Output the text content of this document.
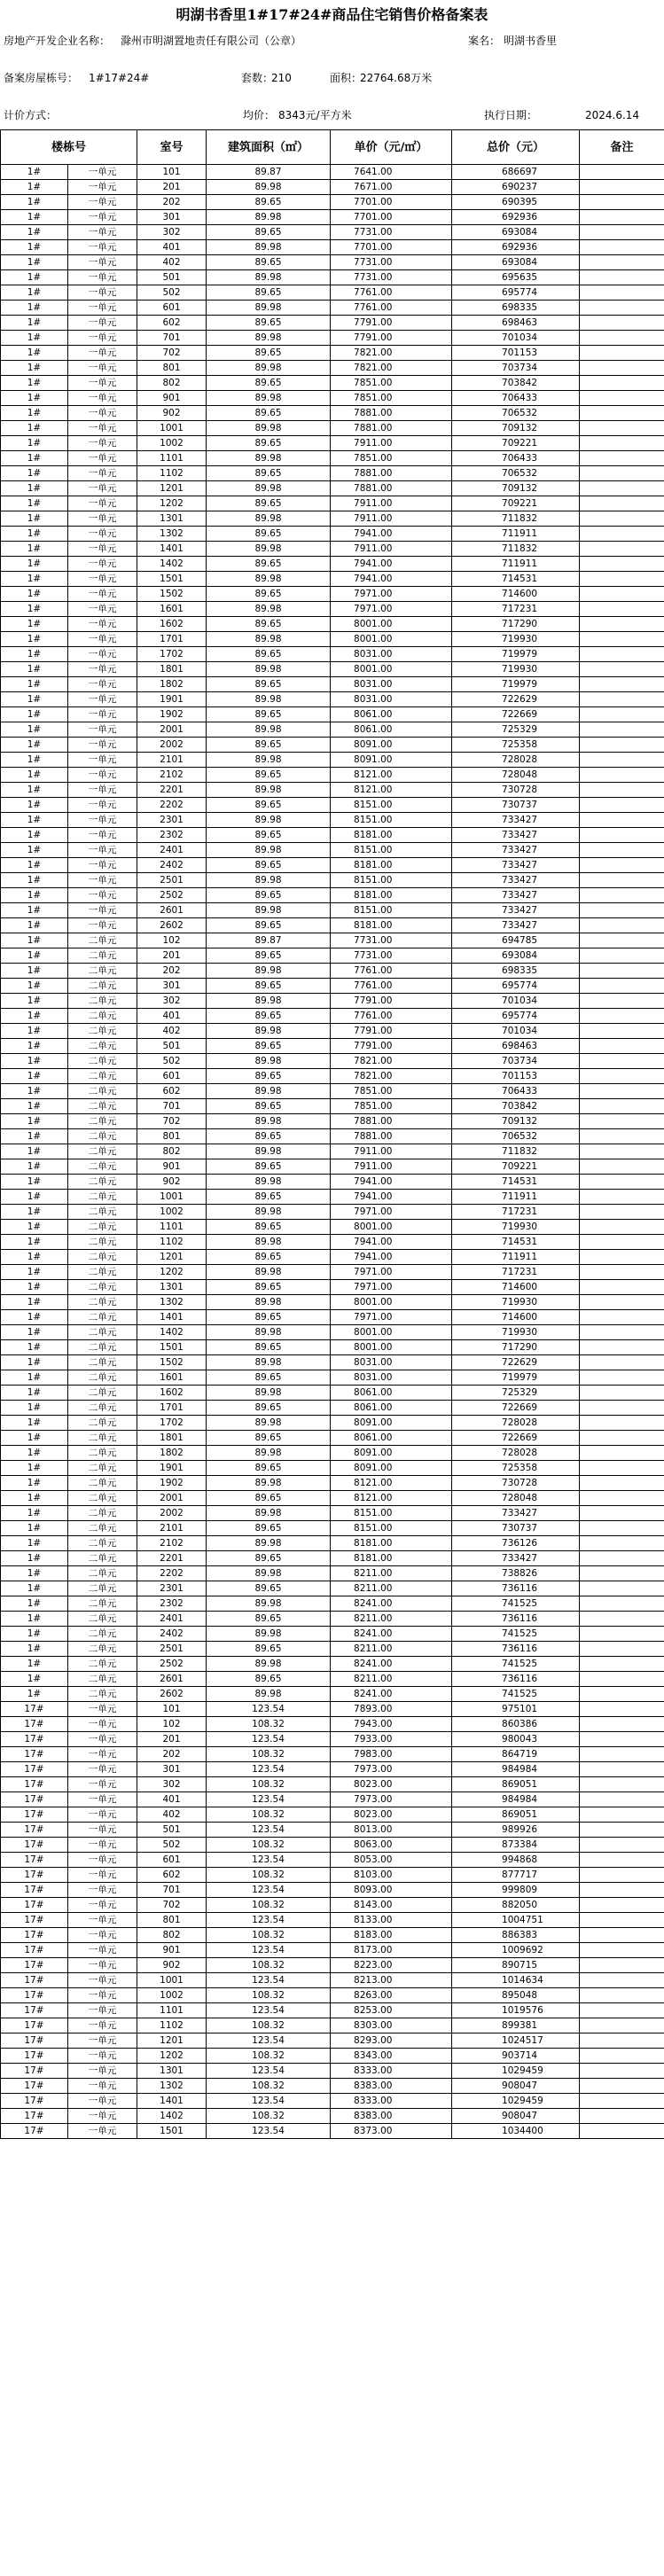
明湖书香里1#17#24#商品住宅销售价格备案表
房地产开发企业名称： 滁州市明湖置地责任有限公司（公章）	案名： 明湖书香里
备案房屋栋号： 1#17#24#	套数：
210	面积：
22764.68万米
计价方式：	均价： 8343元/平方米	执行日期：	2024.6.14
楼栋号		室号	建筑面积（㎡）	单价（元/㎡）	总价（元）	备注
1#	一单元	101	89.87	7641.00	686697	
1#	一单元	201	89.98	7671.00	690237	
1#	一单元	202	89.65	7701.00	690395	
1#	一单元	301	89.98	7701.00	692936	
1#	一单元	302	89.65	7731.00	693084	
1#	一单元	401	89.98	7701.00	692936	
1#	一单元	402	89.65	7731.00	693084	
1#	一单元	501	89.98	7731.00	695635	
1#	一单元	502	89.65	7761.00	695774	
1#	一单元	601	89.98	7761.00	698335	
1#	一单元	602	89.65	7791.00	698463	
1#	一单元	701	89.98	7791.00	701034	
1#	一单元	702	89.65	7821.00	701153	
1#	一单元	801	89.98	7821.00	703734	
1#	一单元	802	89.65	7851.00	703842	
1#	一单元	901	89.98	7851.00	706433	
1#	一单元	902	89.65	7881.00	706532	
1#	一单元	1001	89.98	7881.00	709132	
1#	一单元	1002	89.65	7911.00	709221	
1#	一单元	1101	89.98	7851.00	706433	
1#	一单元	1102	89.65	7881.00	706532	
1#	一单元	1201	89.98	7881.00	709132	
1#	一单元	1202	89.65	7911.00	709221	
1#	一单元	1301	89.98	7911.00	711832	
1#	一单元	1302	89.65	7941.00	711911	
1#	一单元	1401	89.98	7911.00	711832	
1#	一单元	1402	89.65	7941.00	711911	
1#	一单元	1501	89.98	7941.00	714531	
1#	一单元	1502	89.65	7971.00	714600	
1#	一单元	1601	89.98	7971.00	717231	
1#	一单元	1602	89.65	8001.00	717290	
1#	一单元	1701	89.98	8001.00	719930	
1#	一单元	1702	89.65	8031.00	719979	
1#	一单元	1801	89.98	8001.00	719930	
1#	一单元	1802	89.65	8031.00	719979	
1#	一单元	1901	89.98	8031.00	722629	
1#	一单元	1902	89.65	8061.00	722669	
1#	一单元	2001	89.98	8061.00	725329	
1#	一单元	2002	89.65	8091.00	725358	
1#	一单元	2101	89.98	8091.00	728028	
1#	一单元	2102	89.65	8121.00	728048	
1#	一单元	2201	89.98	8121.00	730728	
1#	一单元	2202	89.65	8151.00	730737	
1#	一单元	2301	89.98	8151.00	733427	
1#	一单元	2302	89.65	8181.00	733427	
1#	一单元	2401	89.98	8151.00	733427	
1#	一单元	2402	89.65	8181.00	733427	
1#	一单元	2501	89.98	8151.00	733427	
1#	一单元	2502	89.65	8181.00	733427	
1#	一单元	2601	89.98	8151.00	733427	
1#	一单元	2602	89.65	8181.00	733427	
1#	二单元	102	89.87	7731.00	694785	
1#	二单元	201	89.65	7731.00	693084	
1#	二单元	202	89.98	7761.00	698335	
1#	二单元	301	89.65	7761.00	695774	
1#	二单元	302	89.98	7791.00	701034	
1#	二单元	401	89.65	7761.00	695774	
1#	二单元	402	89.98	7791.00	701034	
1#	二单元	501	89.65	7791.00	698463	
1#	二单元	502	89.98	7821.00	703734	
1#	二单元	601	89.65	7821.00	701153	
1#	二单元	602	89.98	7851.00	706433	
1#	二单元	701	89.65	7851.00	703842	
1#	二单元	702	89.98	7881.00	709132	
1#	二单元	801	89.65	7881.00	706532	
1#	二单元	802	89.98	7911.00	711832	
1#	二单元	901	89.65	7911.00	709221	
1#	二单元	902	89.98	7941.00	714531	
1#	二单元	1001	89.65	7941.00	711911	
1#	二单元	1002	89.98	7971.00	717231	
1#	二单元	1101	89.65	8001.00	719930	
1#	二单元	1102	89.98	7941.00	714531	
1#	二单元	1201	89.65	7941.00	711911	
1#	二单元	1202	89.98	7971.00	717231	
1#	二单元	1301	89.65	7971.00	714600	
1#	二单元	1302	89.98	8001.00	719930	
1#	二单元	1401	89.65	7971.00	714600	
1#	二单元	1402	89.98	8001.00	719930	
1#	二单元	1501	89.65	8001.00	717290	
1#	二单元	1502	89.98	8031.00	722629	
1#	二单元	1601	89.65	8031.00	719979	
1#	二单元	1602	89.98	8061.00	725329	
1#	二单元	1701	89.65	8061.00	722669	
1#	二单元	1702	89.98	8091.00	728028	
1#	二单元	1801	89.65	8061.00	722669	
1#	二单元	1802	89.98	8091.00	728028	
1#	二单元	1901	89.65	8091.00	725358	
1#	二单元	1902	89.98	8121.00	730728	
1#	二单元	2001	89.65	8121.00	728048	
1#	二单元	2002	89.98	8151.00	733427	
1#	二单元	2101	89.65	8151.00	730737	
1#	二单元	2102	89.98	8181.00	736126	
1#	二单元	2201	89.65	8181.00	733427	
1#	二单元	2202	89.98	8211.00	738826	
1#	二单元	2301	89.65	8211.00	736116	
1#	二单元	2302	89.98	8241.00	741525	
1#	二单元	2401	89.65	8211.00	736116	
1#	二单元	2402	89.98	8241.00	741525	
1#	二单元	2501	89.65	8211.00	736116	
1#	二单元	2502	89.98	8241.00	741525	
1#	二单元	2601	89.65	8211.00	736116	
1#	二单元	2602	89.98	8241.00	741525	
17#	一单元	101	123.54	7893.00	975101	
17#	一单元	102	108.32	7943.00	860386	
17#	一单元	201	123.54	7933.00	980043	
17#	一单元	202	108.32	7983.00	864719	
17#	一单元	301	123.54	7973.00	984984	
17#	一单元	302	108.32	8023.00	869051	
17#	一单元	401	123.54	7973.00	984984	
17#	一单元	402	108.32	8023.00	869051	
17#	一单元	501	123.54	8013.00	989926	
17#	一单元	502	108.32	8063.00	873384	
17#	一单元	601	123.54	8053.00	994868	
17#	一单元	602	108.32	8103.00	877717	
17#	一单元	701	123.54	8093.00	999809	
17#	一单元	702	108.32	8143.00	882050	
17#	一单元	801	123.54	8133.00	1004751	
17#	一单元	802	108.32	8183.00	886383	
17#	一单元	901	123.54	8173.00	1009692	
17#	一单元	902	108.32	8223.00	890715	
17#	一单元	1001	123.54	8213.00	1014634	
17#	一单元	1002	108.32	8263.00	895048	
17#	一单元	1101	123.54	8253.00	1019576	
17#	一单元	1102	108.32	8303.00	899381	
17#	一单元	1201	123.54	8293.00	1024517	
17#	一单元	1202	108.32	8343.00	903714	
17#	一单元	1301	123.54	8333.00	1029459	
17#	一单元	1302	108.32	8383.00	908047	
17#	一单元	1401	123.54	8333.00	1029459	
17#	一单元	1402	108.32	8383.00	908047	
17#	一单元	1501	123.54	8373.00	1034400	
